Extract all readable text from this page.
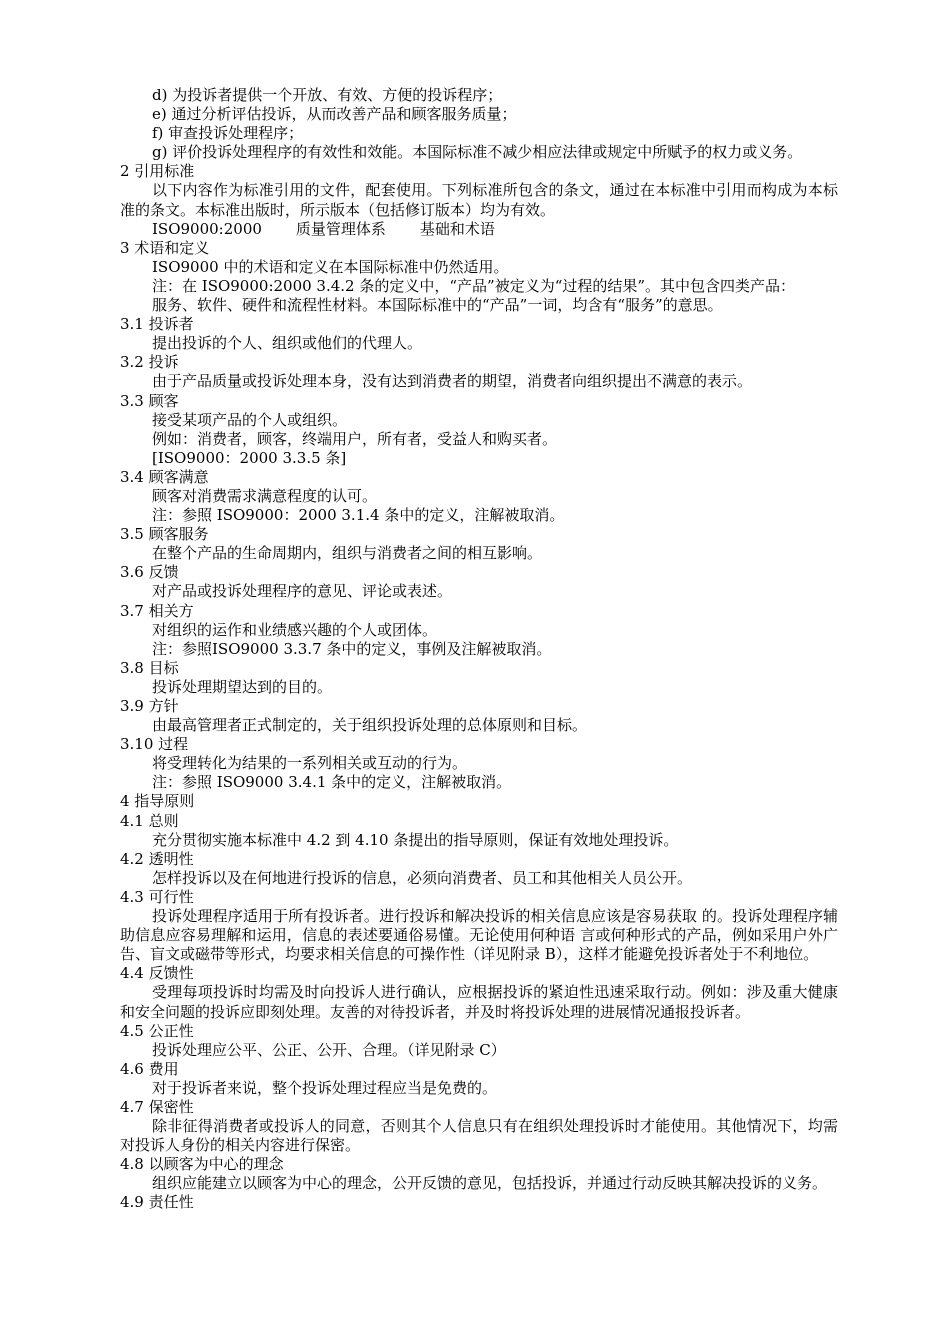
d) 为投诉者提供一个开放、有效、方便的投诉程序；

e) 通过分析评估投诉，从而改善产品和顾客服务质量；

f) 审查投诉处理程序；

g) 评价投诉处理程序的有效性和效能。本国际标准不减少相应法律或规定中所赋予的权力或义务。

2 引用标准

以下内容作为标准引用的文件，配套使用。下列标准所包含的条文，通过在本标准中引用而构成为本标准的条文。本标准出版时，所示版本（包括修订版本）均为有效。

ISO9000:2000 质量管理体系 基础和术语

3 术语和定义

ISO9000 中的术语和定义在本国际标准中仍然适用。

注：在 ISO9000:2000 3.4.2 条的定义中，“产品”被定义为“过程的结果”。其中包含四类产品：

服务、软件、硬件和流程性材料。本国际标准中的“产品”一词，均含有“服务”的意思。

3.1 投诉者

提出投诉的个人、组织或他们的代理人。

3.2 投诉

由于产品质量或投诉处理本身，没有达到消费者的期望，消费者向组织提出不满意的表示。

3.3 顾客

接受某项产品的个人或组织。

例如：消费者，顾客，终端用户，所有者，受益人和购买者。

[ISO9000：2000 3.3.5 条]

3.4 顾客满意

顾客对消费需求满意程度的认可。

注：参照 ISO9000：2000 3.1.4 条中的定义，注解被取消。

3.5 顾客服务

在整个产品的生命周期内，组织与消费者之间的相互影响。

3.6 反馈

对产品或投诉处理程序的意见、评论或表述。

3.7 相关方

对组织的运作和业绩感兴趣的个人或团体。

注：参照ISO9000 3.3.7 条中的定义，事例及注解被取消。

3.8 目标

投诉处理期望达到的目的。

3.9 方针

由最高管理者正式制定的，关于组织投诉处理的总体原则和目标。

3.10 过程

将受理转化为结果的一系列相关或互动的行为。

注：参照 ISO9000 3.4.1 条中的定义，注解被取消。

4 指导原则

4.1 总则

充分贯彻实施本标准中 4.2 到 4.10 条提出的指导原则，保证有效地处理投诉。

4.2 透明性

怎样投诉以及在何地进行投诉的信息，必须向消费者、员工和其他相关人员公开。

4.3 可行性

投诉处理程序适用于所有投诉者。进行投诉和解决投诉的相关信息应该是容易获取 的。投诉处理程序辅助信息应容易理解和运用，信息的表述要通俗易懂。无论使用何种语 言或何种形式的产品，例如采用户外广告、盲文或磁带等形式，均要求相关信息的可操作性（详见附录 B），这样才能避免投诉者处于不利地位。

4.4 反馈性

受理每项投诉时均需及时向投诉人进行确认，应根据投诉的紧迫性迅速采取行动。例如：涉及重大健康和安全问题的投诉应即刻处理。友善的对待投诉者，并及时将投诉处理的进展情况通报投诉者。

4.5 公正性

投诉处理应公平、公正、公开、合理。（详见附录 C）

4.6 费用

对于投诉者来说，整个投诉处理过程应当是免费的。

4.7 保密性

除非征得消费者或投诉人的同意，否则其个人信息只有在组织处理投诉时才能使用。其他情况下，均需对投诉人身份的相关内容进行保密。

4.8 以顾客为中心的理念

组织应能建立以顾客为中心的理念，公开反馈的意见，包括投诉，并通过行动反映其解决投诉的义务。

4.9 责任性
